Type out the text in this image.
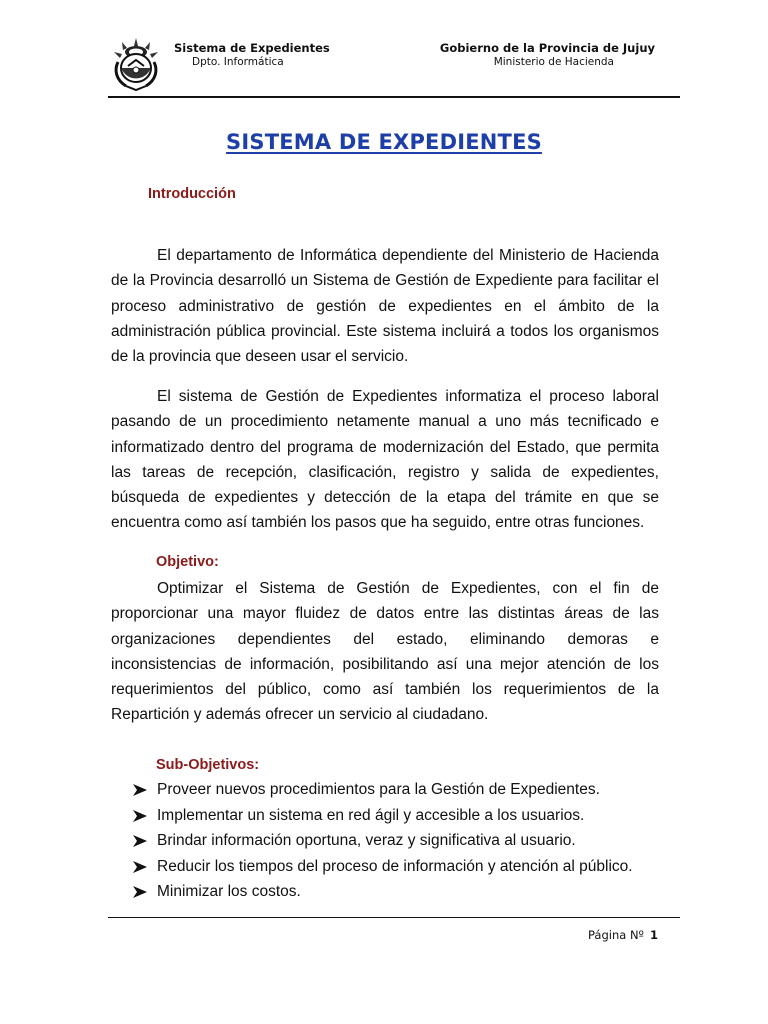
Sistema de Expedientes
Dpto. Informática
Gobierno de la Provincia de Jujuy
Ministerio de Hacienda
SISTEMA DE EXPEDIENTES
Introducción
El departamento de Informática dependiente del Ministerio de Hacienda de la Provincia desarrolló un Sistema de Gestión de Expediente para facilitar el proceso administrativo de gestión de expedientes en el ámbito de la administración pública provincial. Este sistema incluirá a todos los organismos de la provincia que deseen usar el servicio.
El sistema de Gestión de Expedientes informatiza el proceso laboral pasando de un procedimiento netamente manual a uno más tecnificado e informatizado dentro del programa de modernización del Estado, que permita las tareas de recepción, clasificación, registro y salida de expedientes, búsqueda de expedientes y detección de la etapa del trámite en que se encuentra como así también los pasos que ha seguido, entre otras funciones.
Objetivo:
Optimizar el Sistema de Gestión de Expedientes, con el fin de proporcionar una mayor fluidez de datos entre las distintas áreas de las organizaciones dependientes del estado, eliminando demoras e inconsistencias de información, posibilitando así una mejor atención de los requerimientos del público, como así también los requerimientos de la Repartición y además ofrecer un servicio al ciudadano.
Sub-Objetivos:
Proveer nuevos procedimientos para la Gestión de Expedientes.
Implementar un sistema en red ágil y accesible a los usuarios.
Brindar información oportuna, veraz y significativa al usuario.
Reducir los tiempos del proceso de información y atención al público.
Minimizar los costos.
Página Nº 1
